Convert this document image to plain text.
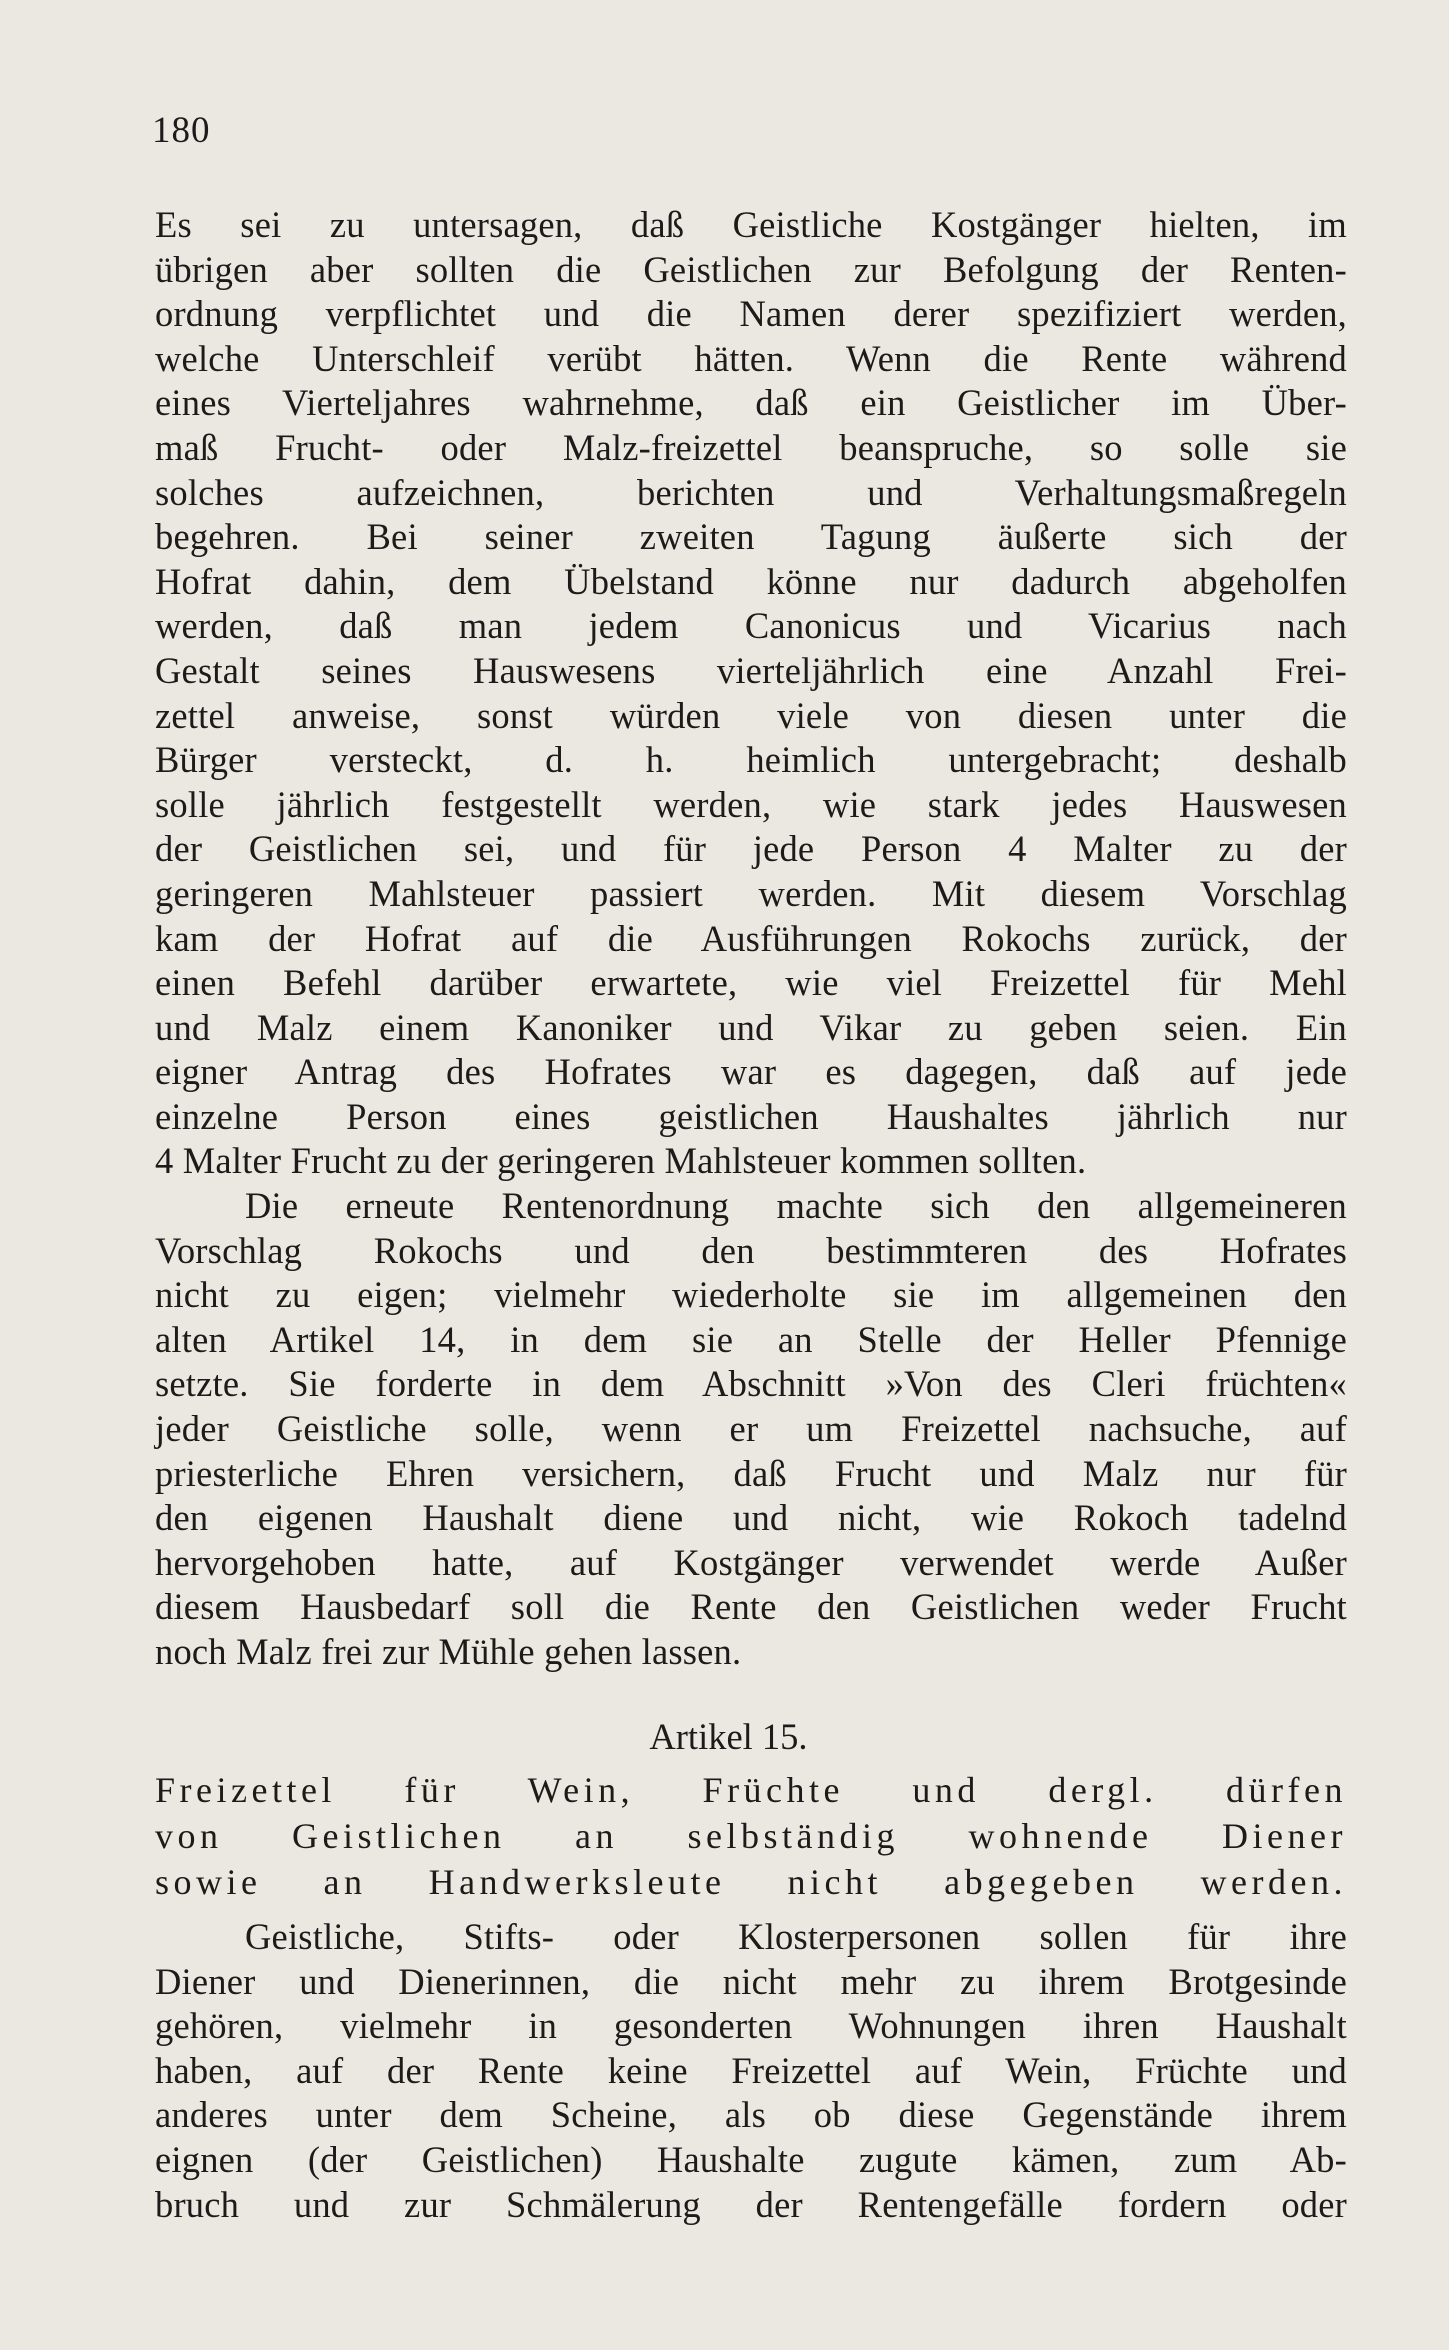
180
Es sei zu untersagen, daß Geistliche Kostgänger hielten, im
übrigen aber sollten die Geistlichen zur Befolgung der Renten-
ordnung verpflichtet und die Namen derer spezifiziert werden,
welche Unterschleif verübt hätten. Wenn die Rente während
eines Vierteljahres wahrnehme, daß ein Geistlicher im Über-
maß Frucht- oder Malz-freizettel beanspruche, so solle sie
solches aufzeichnen, berichten und Verhaltungsmaßregeln
begehren. Bei seiner zweiten Tagung äußerte sich der
Hofrat dahin, dem Übelstand könne nur dadurch abgeholfen
werden, daß man jedem Canonicus und Vicarius nach
Gestalt seines Hauswesens vierteljährlich eine Anzahl Frei-
zettel anweise, sonst würden viele von diesen unter die
Bürger versteckt, d. h. heimlich untergebracht; deshalb
solle jährlich festgestellt werden, wie stark jedes Hauswesen
der Geistlichen sei, und für jede Person 4 Malter zu der
geringeren Mahlsteuer passiert werden. Mit diesem Vorschlag
kam der Hofrat auf die Ausführungen Rokochs zurück, der
einen Befehl darüber erwartete, wie viel Freizettel für Mehl
und Malz einem Kanoniker und Vikar zu geben seien. Ein
eigner Antrag des Hofrates war es dagegen, daß auf jede
einzelne Person eines geistlichen Haushaltes jährlich nur
4 Malter Frucht zu der geringeren Mahlsteuer kommen sollten.
Die erneute Rentenordnung machte sich den allgemeineren
Vorschlag Rokochs und den bestimmteren des Hofrates
nicht zu eigen; vielmehr wiederholte sie im allgemeinen den
alten Artikel 14, in dem sie an Stelle der Heller Pfennige
setzte. Sie forderte in dem Abschnitt »Von des Cleri früchten«
jeder Geistliche solle, wenn er um Freizettel nachsuche, auf
priesterliche Ehren versichern, daß Frucht und Malz nur für
den eigenen Haushalt diene und nicht, wie Rokoch tadelnd
hervorgehoben hatte, auf Kostgänger verwendet werde Außer
diesem Hausbedarf soll die Rente den Geistlichen weder Frucht
noch Malz frei zur Mühle gehen lassen.
Artikel 15.
Freizettel für Wein, Früchte und dergl. dürfen
von Geistlichen an selbständig wohnende Diener
sowie an Handwerksleute nicht abgegeben werden.
Geistliche, Stifts- oder Klosterpersonen sollen für ihre
Diener und Dienerinnen, die nicht mehr zu ihrem Brotgesinde
gehören, vielmehr in gesonderten Wohnungen ihren Haushalt
haben, auf der Rente keine Freizettel auf Wein, Früchte und
anderes unter dem Scheine, als ob diese Gegenstände ihrem
eignen (der Geistlichen) Haushalte zugute kämen, zum Ab-
bruch und zur Schmälerung der Rentengefälle fordern oder
